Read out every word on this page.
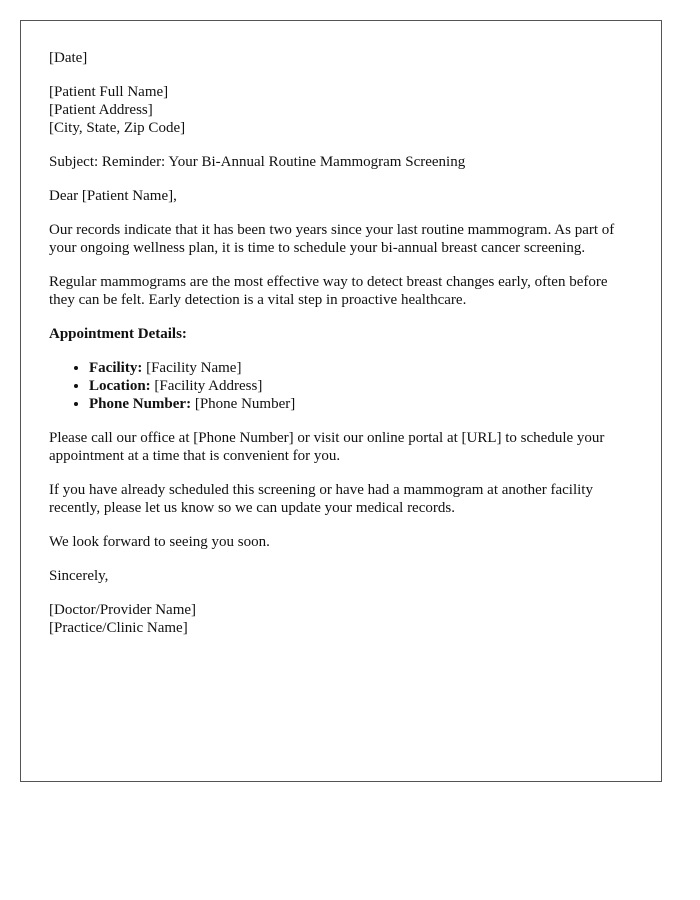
[Date]

[Patient Full Name]
[Patient Address]
[City, State, Zip Code]

Subject: Reminder: Your Bi-Annual Routine Mammogram Screening

Dear [Patient Name],

Our records indicate that it has been two years since your last routine mammogram. As part of your ongoing wellness plan, it is time to schedule your bi-annual breast cancer screening.

Regular mammograms are the most effective way to detect breast changes early, often before they can be felt. Early detection is a vital step in proactive healthcare.

Appointment Details:

• Facility: [Facility Name]
• Location: [Facility Address]
• Phone Number: [Phone Number]

Please call our office at [Phone Number] or visit our online portal at [URL] to schedule your appointment at a time that is convenient for you.

If you have already scheduled this screening or have had a mammogram at another facility recently, please let us know so we can update your medical records.

We look forward to seeing you soon.

Sincerely,

[Doctor/Provider Name]
[Practice/Clinic Name]
